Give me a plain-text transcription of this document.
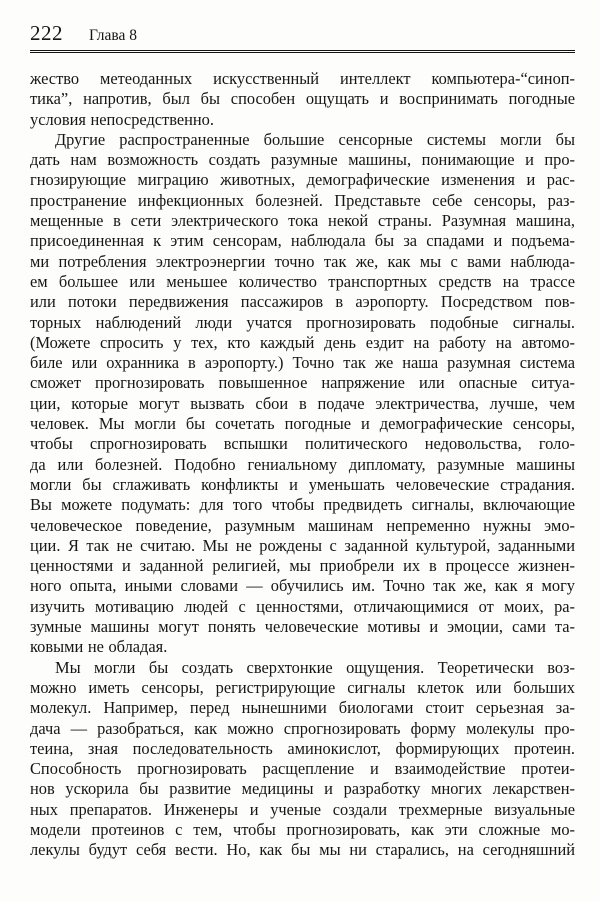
222 Глава 8
жество метеоданных искусственный интеллект компьютера-“синоп-
тика”, напротив, был бы способен ощущать и воспринимать погодные
условия непосредственно.
Другие распространенные большие сенсорные системы могли бы
дать нам возможность создать разумные машины, понимающие и про-
гнозирующие миграцию животных, демографические изменения и рас-
пространение инфекционных болезней. Представьте себе сенсоры, раз-
мещенные в сети электрического тока некой страны. Разумная машина,
присоединенная к этим сенсорам, наблюдала бы за спадами и подъема-
ми потребления электроэнергии точно так же, как мы с вами наблюда-
ем большее или меньшее количество транспортных средств на трассе
или потоки передвижения пассажиров в аэропорту. Посредством пов-
торных наблюдений люди учатся прогнозировать подобные сигналы.
(Можете спросить у тех, кто каждый день ездит на работу на автомо-
биле или охранника в аэропорту.) Точно так же наша разумная система
сможет прогнозировать повышенное напряжение или опасные ситуа-
ции, которые могут вызвать сбои в подаче электричества, лучше, чем
человек. Мы могли бы сочетать погодные и демографические сенсоры,
чтобы спрогнозировать вспышки политического недовольства, голо-
да или болезней. Подобно гениальному дипломату, разумные машины
могли бы сглаживать конфликты и уменьшать человеческие страдания.
Вы можете подумать: для того чтобы предвидеть сигналы, включающие
человеческое поведение, разумным машинам непременно нужны эмо-
ции. Я так не считаю. Мы не рождены с заданной культурой, заданными
ценностями и заданной религией, мы приобрели их в процессе жизнен-
ного опыта, иными словами — обучились им. Точно так же, как я могу
изучить мотивацию людей с ценностями, отличающимися от моих, ра-
зумные машины могут понять человеческие мотивы и эмоции, сами та-
ковыми не обладая.
Мы могли бы создать сверхтонкие ощущения. Теоретически воз-
можно иметь сенсоры, регистрирующие сигналы клеток или больших
молекул. Например, перед нынешними биологами стоит серьезная за-
дача — разобраться, как можно спрогнозировать форму молекулы про-
теина, зная последовательность аминокислот, формирующих протеин.
Способность прогнозировать расщепление и взаимодействие протеи-
нов ускорила бы развитие медицины и разработку многих лекарствен-
ных препаратов. Инженеры и ученые создали трехмерные визуальные
модели протеинов с тем, чтобы прогнозировать, как эти сложные мо-
лекулы будут себя вести. Но, как бы мы ни старались, на сегодняшний
